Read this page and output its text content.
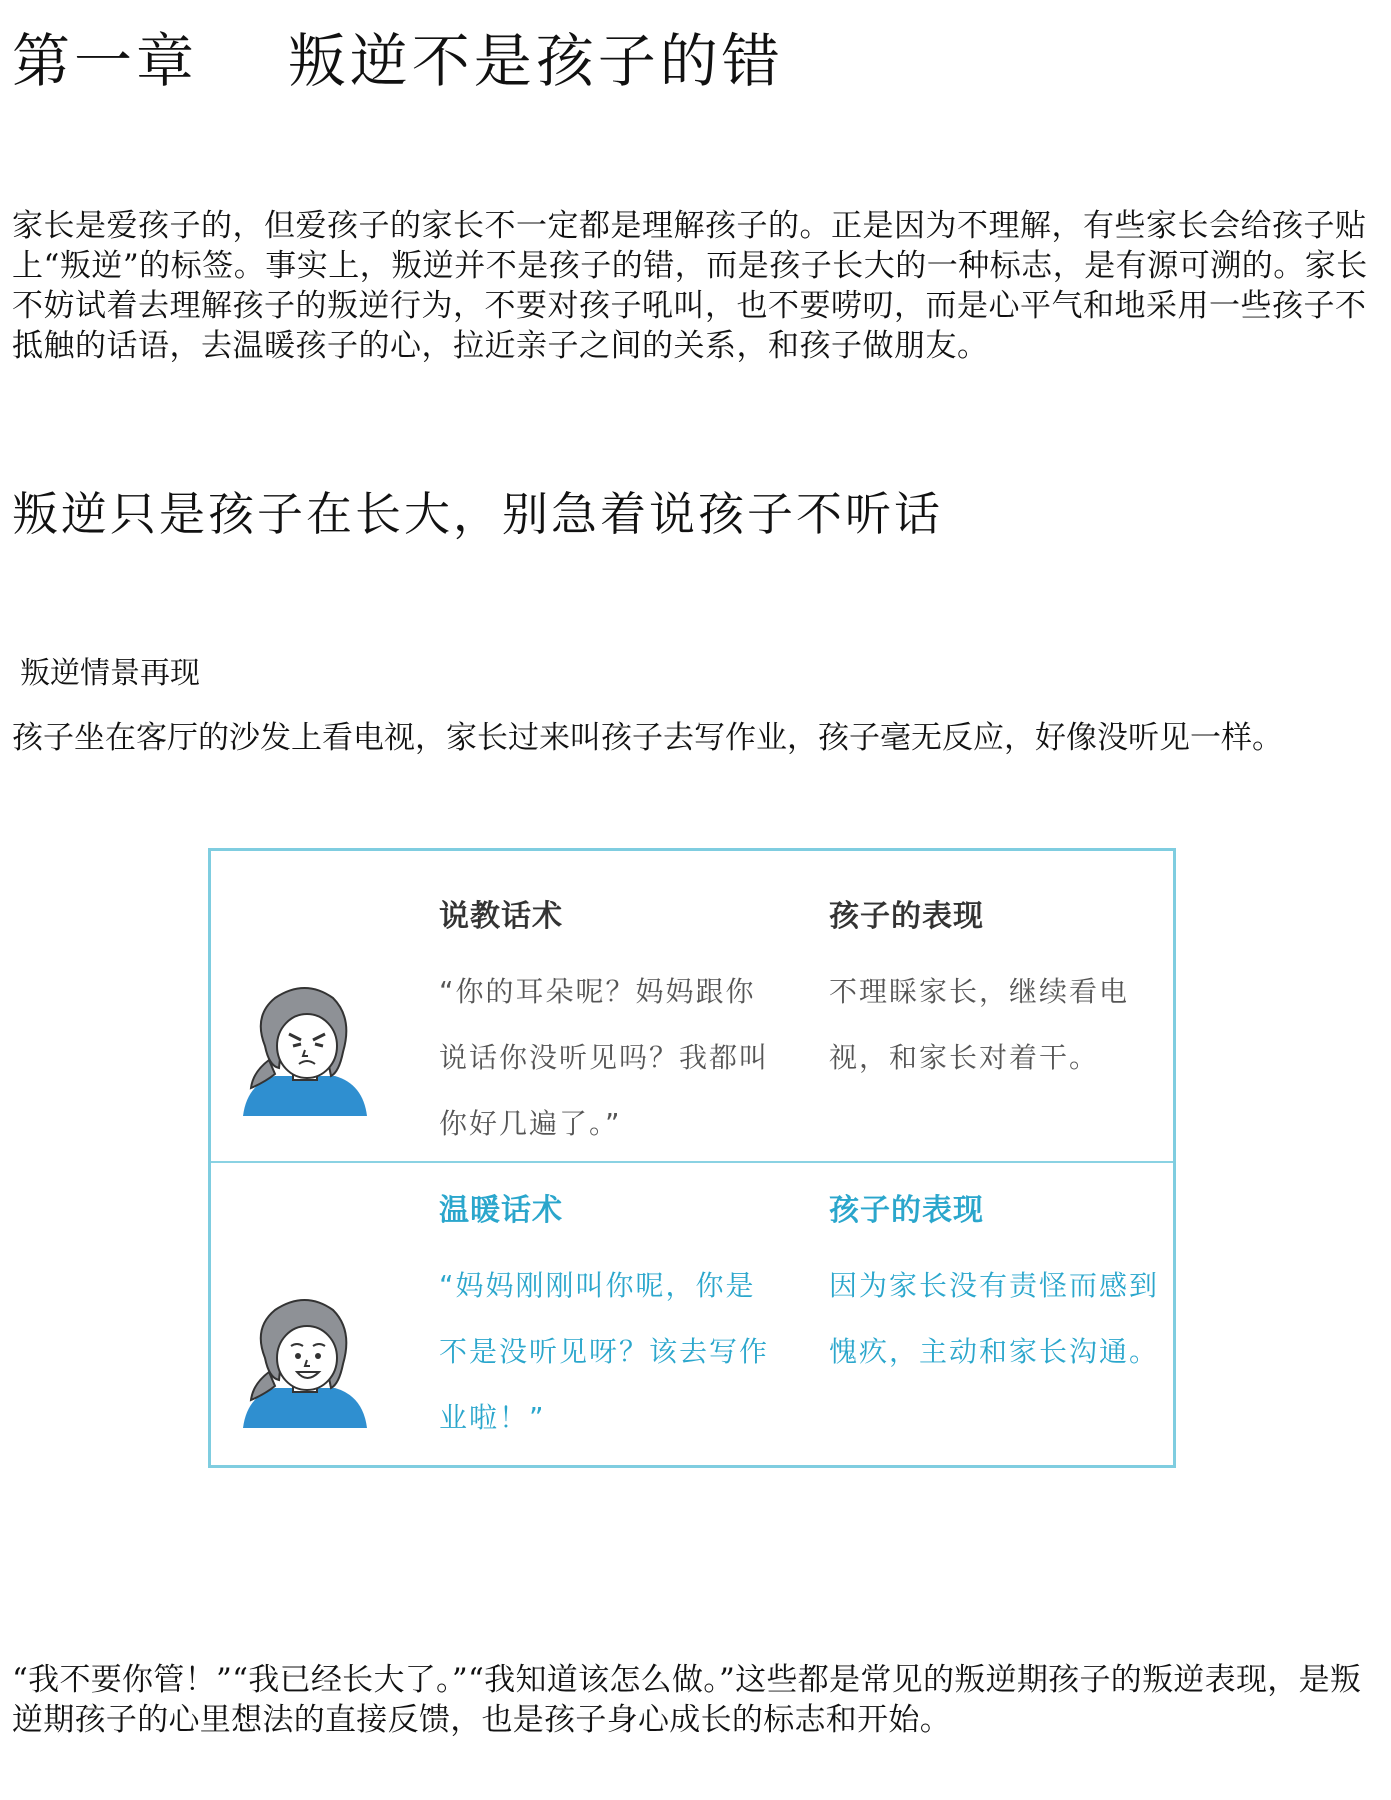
第一章    叛逆不是孩子的错

家长是爱孩子的，但爱孩子的家长不一定都是理解孩子的。正是因为不理解，有些家长会给孩子贴上“叛逆”的标签。事实上，叛逆并不是孩子的错，而是孩子长大的一种标志，是有源可溯的。家长不妨试着去理解孩子的叛逆行为，不要对孩子吼叫，也不要唠叨，而是心平气和地采用一些孩子不抵触的话语，去温暖孩子的心，拉近亲子之间的关系，和孩子做朋友。

叛逆只是孩子在长大，别急着说孩子不听话
叛逆情景再现

孩子坐在客厅的沙发上看电视，家长过来叫孩子去写作业，孩子毫无反应，好像没听见一样。

说教话术

“你的耳朵呢？妈妈跟你说话你没听见吗？我都叫你好几遍了。”

孩子的表现

不理睬家长，继续看电视，和家长对着干。

温暖话术

“妈妈刚刚叫你呢，你是不是没听见呀？该去写作业啦！”

孩子的表现

因为家长没有责怪而感到愧疚，主动和家长沟通。

“我不要你管！”“我已经长大了。”“我知道该怎么做。”这些都是常见的叛逆期孩子的叛逆表现，是叛逆期孩子的心里想法的直接反馈，也是孩子身心成长的标志和开始。
